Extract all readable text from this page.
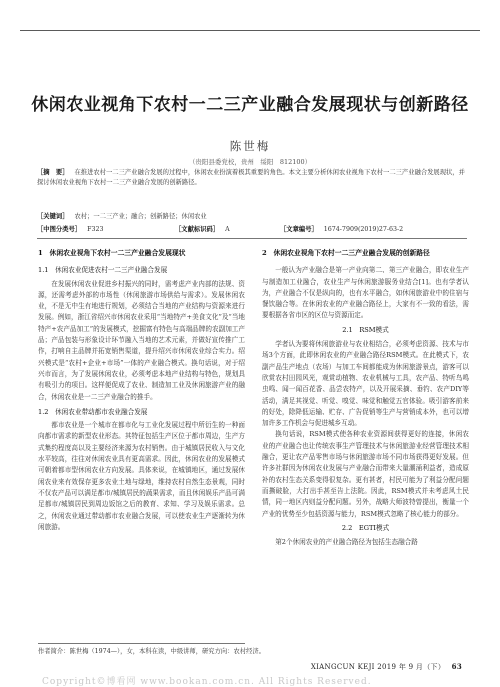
休闲农业视角下农村一二三产业融合发展现状与创新路径
陈世梅
（贵阳县委党校，贵州　绥阳　812100）
［摘　要］ 在推进农村一二三产业融合发展的过程中，休闲农业扮演着极其重要的角色。本文主要分析休闲农业视角下农村一二三产业融合发展现状，并探讨休闲农业视角下农村一二三产业融合发展的创新路径。
［关键词］ 农村；一二三产业；融合；创新路径；休闲农业
［中图分类号］ F323	［文献标识码］ A	［文章编号］ 1674-7909(2019)27-63-2

1　休闲农业视角下农村一二三产业融合发展现状

1.1　休闲农业促进农村一二三产业融合发展

在发展休闲农业促进乡村振兴的同时，需考虑产业内部的法规、资源，还需考虑外部的市场性（休闲旅游市场供给与需求）。发展休闲农业，不是无中生有地进行规划，必须结合当地的产业结构与资源来进行发展。例如，浙江省绍兴市休闲农业采用“当地特产+美食文化”及“当地特产+农产品加工”的发展模式，挖掘富有特色与高端品牌的农副加工产品；产品包装与形象设计环节融入当地的艺术元素，并做好宣传推广工作，打响自主品牌并拓宽销售渠道，提升绍兴市休闲农业综合实力。绍兴模式是“农村+企业+市场”一体的产业融合模式。换句话说，对于绍兴市而言，为了发展休闲农业，必须考虑本地产业结构与特色，规划具有吸引力的项目。这样便促成了农业、制造加工业及休闲旅游产业的融合，休闲农业是一二三产业融合的推手。

1.2　休闲农业带动都市农业融合发展

都市农业是一个城市在都市化与工业化发展过程中所衍生的一种面向都市需求的新型农业形态。其特征包括生产区位于都市周边，生产方式集约程度高以及主要经济来源为农村销售。由于城镇居民收入与文化水平较高，往往对休闲农业具有更高需求。因此，休闲农业的发展模式可朝着都市型休闲农业方向发展。具体来说，在城镇地区，通过发展休闲农业来有效保存更多农业土地与绿地，维持农村自然生态景观，同时不仅农产品可以满足都市/城镇居民的蔬果需求，而且休闲娱乐产品可满足都市/城镇居民到周边饭馆之后的教育、求知、学习及娱乐需求。总之，休闲农业通过带动都市农业融合发展，可以使农业生产逐渐转为休闲旅游。

2　休闲农业视角下农村一二三产业融合发展的创新路径

一般认为产业融合是第一产业向第二、第三产业融合，即农业生产与制造加工业融合，农业生产与休闲旅游服务业结合[1]。也有学者认为，产业融合不仅是纵向的，也有水平融合，如休闲旅游业中的住宿与餐饮融合等。在休闲农业的产业融合路径上，大家有不一致的看法，需要根据各省市区的区位与资源而定。

2.1　RSM模式

学者认为要将休闲旅游业与农业相结合，必须考虑资源、技术与市场3个方面，此即休闲农业的产业融合路径RSM模式。在此模式下，农副产品生产地点（农场）与加工车间都能成为休闲旅游景点，游客可以欣赏农村田园风光，观赏动植物、农业机械与工具，农产品、特听鸟鸣虫鸣、闻一闻百花香、品尝农特产，以及开展采摘、垂钓、农产DIY等活动，满足其视觉、听觉、嗅觉、味觉和触觉五官体验。吸引游客前来的好处，除降低运输、贮存、广告促销等生产与营销成本外，也可以增加许多工作机会与促进城乡互动。

换句话说，RSM模式使各种农业资源间获得更好的连接，休闲农业的产业融合也让传统农事生产管理技术与休闲旅游业经营管理技术相融合，更让农产品零售市场与休闲旅游市场不同市场获得更好发展。但许多社群因为休闲农业发展与产业融合而带来大量潮涌利益者，造成原补的农村生态关系变得很复杂。更有甚者，村民可能为了利益分配问题而撕破脸，大打出手甚至告上法院。因此，RSM模式并未考虑风土民情，同一地区内则益分配问题。另外，战略大师波特曾提出，衡量一个产业的优势至少包括资源与能力，RSM模式忽略了核心能力的部分。

2.2　EGTI模式

第2个休闲农业的产业融合路径为包括生态融合路

作者简介：陈世梅（1974—），女，本科在读，中级讲师，研究方向：农村经济。
XIANGCUN KEJI 2019 年 9 月（下） 63
Copyright©博看网 www.bookan.com.cn. All Rights Reserved.
